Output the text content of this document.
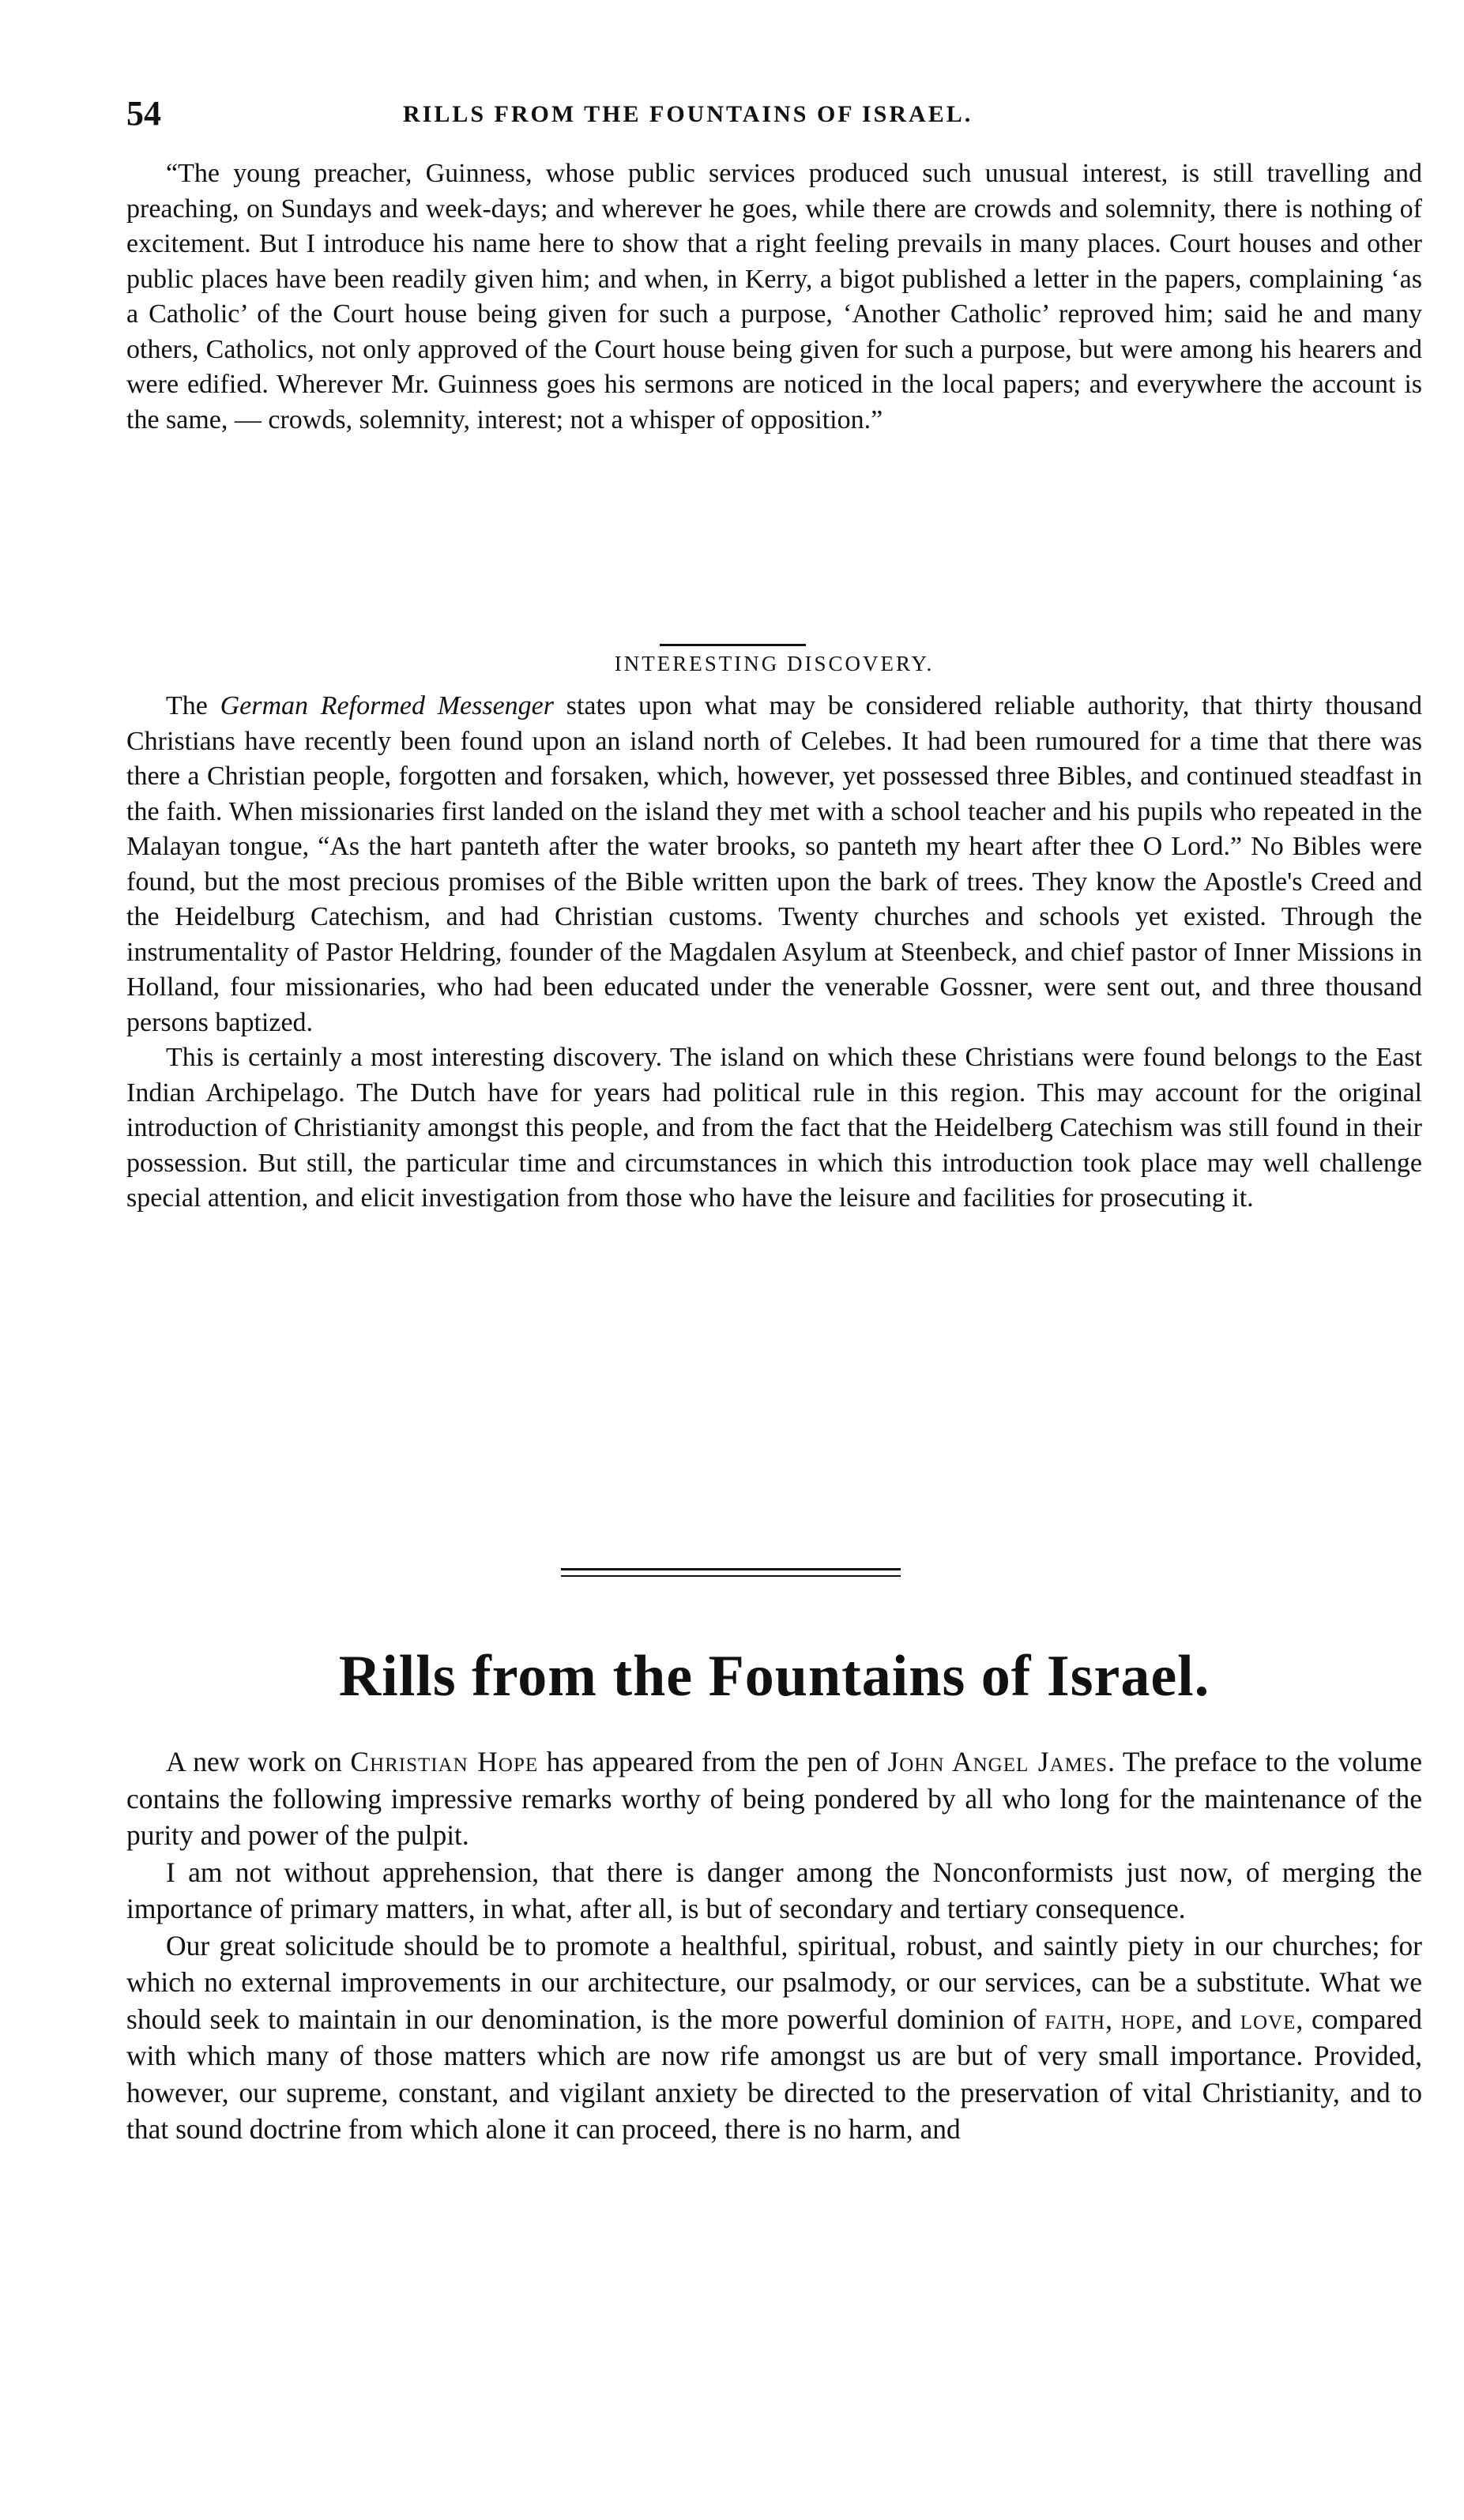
54	RILLS FROM THE FOUNTAINS OF ISRAEL.

“The young preacher, Guinness, whose public services produced such unusual interest, is still travelling and preaching, on Sundays and week-days; and wherever he goes, while there are crowds and solemnity, there is nothing of excitement. But I introduce his name here to show that a right feeling prevails in many places. Court houses and other public places have been readily given him; and when, in Kerry, a bigot published a letter in the papers, complaining ‘as a Catholic’ of the Court house being given for such a purpose, ‘Another Catholic’ reproved him; said he and many others, Catholics, not only approved of the Court house being given for such a purpose, but were among his hearers and were edified. Wherever Mr. Guinness goes his sermons are noticed in the local papers; and everywhere the account is the same, — crowds, solemnity, interest; not a whisper of opposition.”

INTERESTING DISCOVERY.

The German Reformed Messenger states upon what may be considered reliable authority, that thirty thousand Christians have recently been found upon an island north of Celebes. It had been rumoured for a time that there was there a Christian people, forgotten and forsaken, which, however, yet possessed three Bibles, and continued steadfast in the faith. When missionaries first landed on the island they met with a school teacher and his pupils who repeated in the Malayan tongue, “As the hart panteth after the water brooks, so panteth my heart after thee O Lord.” No Bibles were found, but the most precious promises of the Bible written upon the bark of trees. They know the Apostle's Creed and the Heidelburg Catechism, and had Christian customs. Twenty churches and schools yet existed. Through the instrumentality of Pastor Heldring, founder of the Magdalen Asylum at Steenbeck, and chief pastor of Inner Missions in Holland, four missionaries, who had been educated under the venerable Gossner, were sent out, and three thousand persons baptized.

This is certainly a most interesting discovery. The island on which these Christians were found belongs to the East Indian Archipelago. The Dutch have for years had political rule in this region. This may account for the original introduction of Christianity amongst this people, and from the fact that the Heidelberg Catechism was still found in their possession. But still, the particular time and circumstances in which this introduction took place may well challenge special attention, and elicit investigation from those who have the leisure and facilities for prosecuting it.

Rills from the Fountains of Israel.

A new work on Christian Hope has appeared from the pen of John Angel James. The preface to the volume contains the following impressive remarks worthy of being pondered by all who long for the maintenance of the purity and power of the pulpit.

I am not without apprehension, that there is danger among the Nonconformists just now, of merging the importance of primary matters, in what, after all, is but of secondary and tertiary consequence.

Our great solicitude should be to promote a healthful, spiritual, robust, and saintly piety in our churches; for which no external improvements in our architecture, our psalmody, or our services, can be a substitute. What we should seek to maintain in our denomination, is the more powerful dominion of faith, hope, and love, compared with which many of those matters which are now rife amongst us are but of very small importance. Provided, however, our supreme, constant, and vigilant anxiety be directed to the preservation of vital Christianity, and to that sound doctrine from which alone it can proceed, there is no harm, and
